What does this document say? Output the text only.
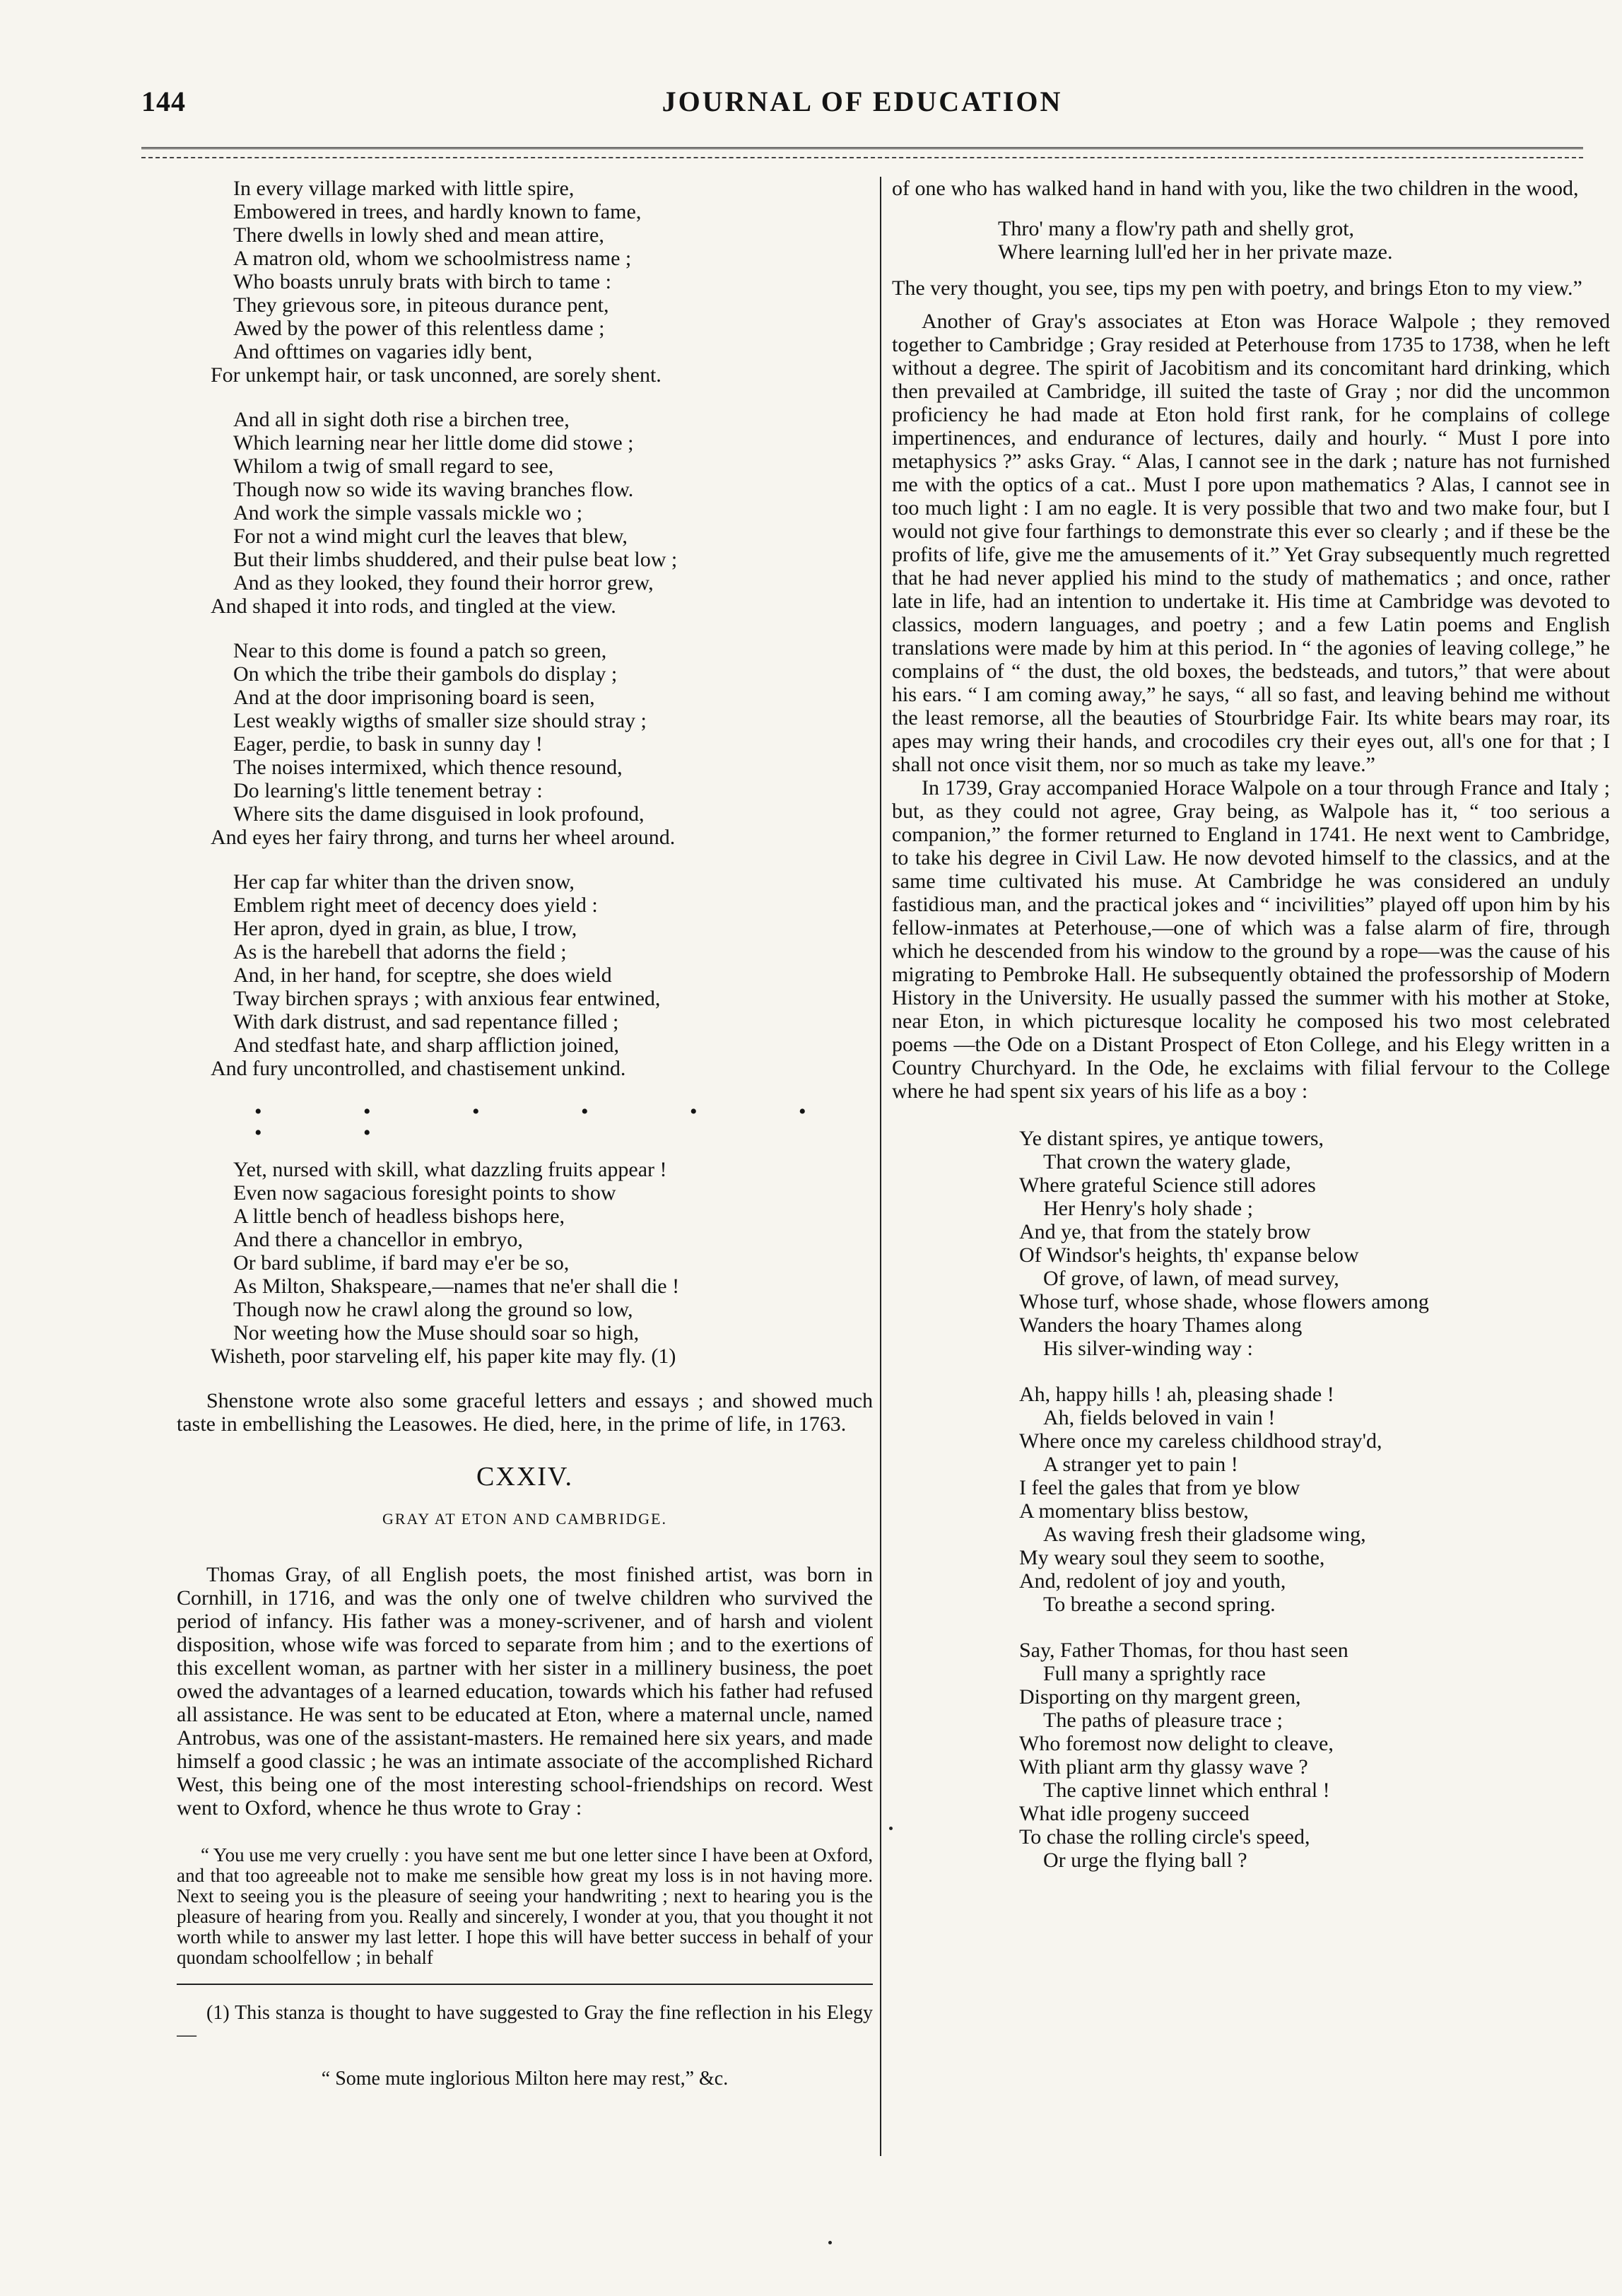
144	JOURNAL OF EDUCATION
In every village marked with little spire,
Embowered in trees, and hardly known to fame,
There dwells in lowly shed and mean attire,
A matron old, whom we schoolmistress name ;
Who boasts unruly brats with birch to tame :
They grievous sore, in piteous durance pent,
Awed by the power of this relentless dame ;
And ofttimes on vagaries idly bent,
For unkempt hair, or task unconned, are sorely shent.
And all in sight doth rise a birchen tree,
Which learning near her little dome did stowe ;
Whilom a twig of small regard to see,
Though now so wide its waving branches flow.
And work the simple vassals mickle wo ;
For not a wind might curl the leaves that blew,
But their limbs shuddered, and their pulse beat low ;
And as they looked, they found their horror grew,
And shaped it into rods, and tingled at the view.
Near to this dome is found a patch so green,
On which the tribe their gambols do display ;
And at the door imprisoning board is seen,
Lest weakly wigths of smaller size should stray ;
Eager, perdie, to bask in sunny day !
The noises intermixed, which thence resound,
Do learning's little tenement betray :
Where sits the dame disguised in look profound,
And eyes her fairy throng, and turns her wheel around.
Her cap far whiter than the driven snow,
Emblem right meet of decency does yield :
Her apron, dyed in grain, as blue, I trow,
As is the harebell that adorns the field ;
And, in her hand, for sceptre, she does wield
Tway birchen sprays ; with anxious fear entwined,
With dark distrust, and sad repentance filled ;
And stedfast hate, and sharp affliction joined,
And fury uncontrolled, and chastisement unkind.
• • • • • • • •
Yet, nursed with skill, what dazzling fruits appear !
Even now sagacious foresight points to show
A little bench of headless bishops here,
And there a chancellor in embryo,
Or bard sublime, if bard may e'er be so,
As Milton, Shakspeare,—names that ne'er shall die !
Though now he crawl along the ground so low,
Nor weeting how the Muse should soar so high,
Wisheth, poor starveling elf, his paper kite may fly. (1)

Shenstone wrote also some graceful letters and essays ; and showed much taste in embellishing the Leasowes. He died, here, in the prime of life, in 1763.

CXXIV.
GRAY AT ETON AND CAMBRIDGE.

Thomas Gray, of all English poets, the most finished artist, was born in Cornhill, in 1716, and was the only one of twelve children who survived the period of infancy. His father was a money-scrivener, and of harsh and violent disposition, whose wife was forced to separate from him ; and to the exertions of this excellent woman, as partner with her sister in a millinery business, the poet owed the advantages of a learned education, towards which his father had refused all assistance. He was sent to be educated at Eton, where a maternal uncle, named Antrobus, was one of the assistant-masters. He remained here six years, and made himself a good classic ; he was an intimate associate of the accomplished Richard West, this being one of the most interesting school-friendships on record. West went to Oxford, whence he thus wrote to Gray :

“ You use me very cruelly : you have sent me but one letter since I have been at Oxford, and that too agreeable not to make me sensible how great my loss is in not having more. Next to seeing you is the pleasure of seeing your handwriting ; next to hearing you is the pleasure of hearing from you. Really and sincerely, I wonder at you, that you thought it not worth while to answer my last letter. I hope this will have better success in behalf of your quondam schoolfellow ; in behalf

(1) This stanza is thought to have suggested to Gray the fine reflection in his Elegy—

“ Some mute inglorious Milton here may rest,” &c.

of one who has walked hand in hand with you, like the two children in the wood,

Thro' many a flow'ry path and shelly grot,
Where learning lull'ed her in her private maze.

The very thought, you see, tips my pen with poetry, and brings Eton to my view.”

Another of Gray's associates at Eton was Horace Walpole ; they removed together to Cambridge ; Gray resided at Peterhouse from 1735 to 1738, when he left without a degree. The spirit of Jacobitism and its concomitant hard drinking, which then prevailed at Cambridge, ill suited the taste of Gray ; nor did the uncommon proficiency he had made at Eton hold first rank, for he complains of college impertinences, and endurance of lectures, daily and hourly. “ Must I pore into metaphysics ?” asks Gray. “ Alas, I cannot see in the dark ; nature has not furnished me with the optics of a cat.. Must I pore upon mathematics ? Alas, I cannot see in too much light : I am no eagle. It is very possible that two and two make four, but I would not give four farthings to demonstrate this ever so clearly ; and if these be the profits of life, give me the amusements of it.” Yet Gray subsequently much regretted that he had never applied his mind to the study of mathematics ; and once, rather late in life, had an intention to undertake it. His time at Cambridge was devoted to classics, modern languages, and poetry ; and a few Latin poems and English translations were made by him at this period. In “ the agonies of leaving college,” he complains of “ the dust, the old boxes, the bedsteads, and tutors,” that were about his ears. “ I am coming away,” he says, “ all so fast, and leaving behind me without the least remorse, all the beauties of Stourbridge Fair. Its white bears may roar, its apes may wring their hands, and crocodiles cry their eyes out, all's one for that ; I shall not once visit them, nor so much as take my leave.”

In 1739, Gray accompanied Horace Walpole on a tour through France and Italy ; but, as they could not agree, Gray being, as Walpole has it, “ too serious a companion,” the former returned to England in 1741. He next went to Cambridge, to take his degree in Civil Law. He now devoted himself to the classics, and at the same time cultivated his muse. At Cambridge he was considered an unduly fastidious man, and the practical jokes and “ incivilities” played off upon him by his fellow-inmates at Peterhouse,—one of which was a false alarm of fire, through which he descended from his window to the ground by a rope—was the cause of his migrating to Pembroke Hall. He subsequently obtained the professorship of Modern History in the University. He usually passed the summer with his mother at Stoke, near Eton, in which picturesque locality he composed his two most celebrated poems —the Ode on a Distant Prospect of Eton College, and his Elegy written in a Country Churchyard. In the Ode, he exclaims with filial fervour to the College where he had spent six years of his life as a boy :

Ye distant spires, ye antique towers,
That crown the watery glade,
Where grateful Science still adores
Her Henry's holy shade ;
And ye, that from the stately brow
Of Windsor's heights, th' expanse below
Of grove, of lawn, of mead survey,
Whose turf, whose shade, whose flowers among
Wanders the hoary Thames along
His silver-winding way :
Ah, happy hills ! ah, pleasing shade !
Ah, fields beloved in vain !
Where once my careless childhood stray'd,
A stranger yet to pain !
I feel the gales that from ye blow
A momentary bliss bestow,
As waving fresh their gladsome wing,
My weary soul they seem to soothe,
And, redolent of joy and youth,
To breathe a second spring.
Say, Father Thomas, for thou hast seen
Full many a sprightly race
Disporting on thy margent green,
The paths of pleasure trace ;
Who foremost now delight to cleave,
With pliant arm thy glassy wave ?
The captive linnet which enthral !
What idle progeny succeed
To chase the rolling circle's speed,
Or urge the flying ball ?
